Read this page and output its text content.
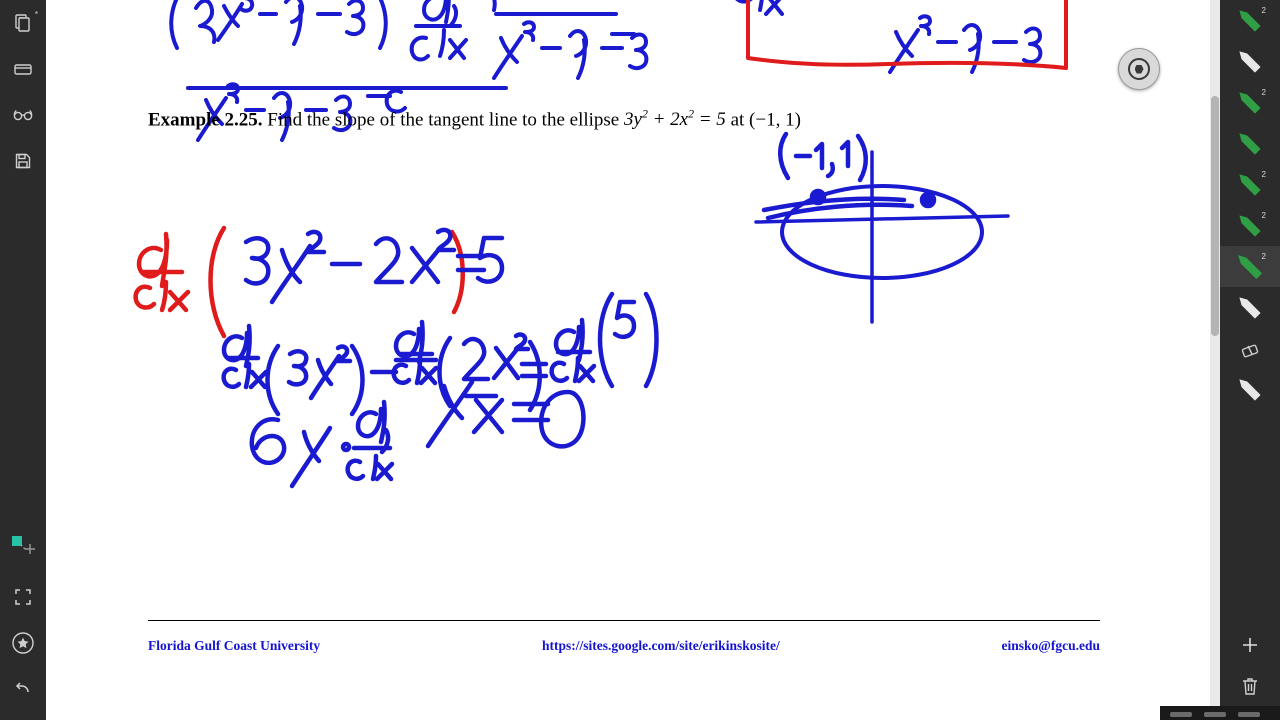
*
Example 2.25. Find the slope of the tangent line to the ellipse $3y^2 + 2x^2 = 5$ at (−1, 1)
Florida Gulf Coast University	https://sites.google.com/site/erikinskosite/	einsko@fgcu.edu
2
2
2
2
2
